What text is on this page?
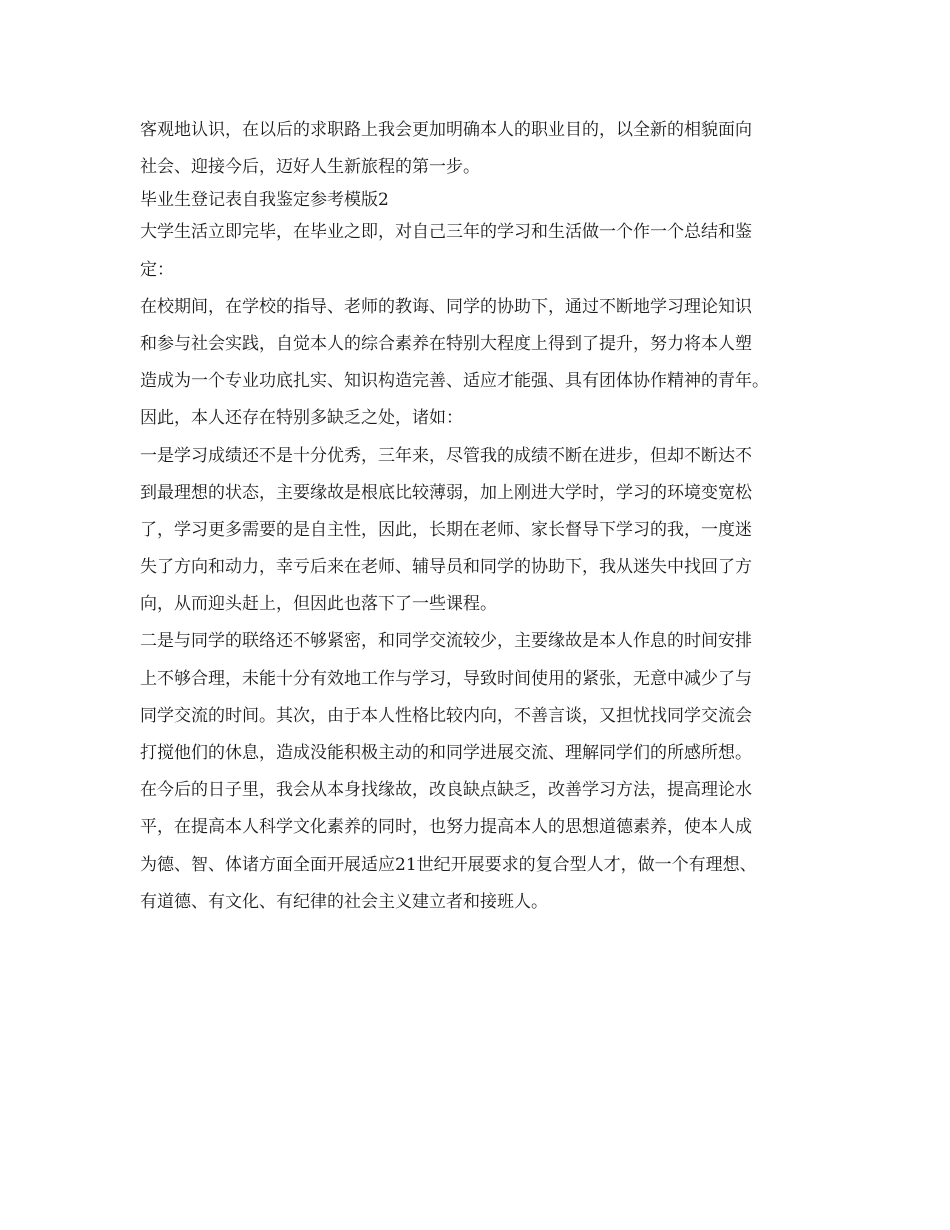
客观地认识，在以后的求职路上我会更加明确本人的职业目的，以全新的相貌面向
社会、迎接今后，迈好人生新旅程的第一步。
毕业生登记表自我鉴定参考模版2
大学生活立即完毕，在毕业之即，对自己三年的学习和生活做一个作一个总结和鉴
定：
在校期间，在学校的指导、老师的教诲、同学的协助下，通过不断地学习理论知识
和参与社会实践，自觉本人的综合素养在特别大程度上得到了提升，努力将本人塑
造成为一个专业功底扎实、知识构造完善、适应才能强、具有团体协作精神的青年。
因此，本人还存在特别多缺乏之处，诸如：
一是学习成绩还不是十分优秀，三年来，尽管我的成绩不断在进步，但却不断达不
到最理想的状态，主要缘故是根底比较薄弱，加上刚进大学时，学习的环境变宽松
了，学习更多需要的是自主性，因此，长期在老师、家长督导下学习的我，一度迷
失了方向和动力，幸亏后来在老师、辅导员和同学的协助下，我从迷失中找回了方
向，从而迎头赶上，但因此也落下了一些课程。
二是与同学的联络还不够紧密，和同学交流较少，主要缘故是本人作息的时间安排
上不够合理，未能十分有效地工作与学习，导致时间使用的紧张，无意中减少了与
同学交流的时间。其次，由于本人性格比较内向，不善言谈，又担忧找同学交流会
打搅他们的休息，造成没能积极主动的和同学进展交流、理解同学们的所感所想。
在今后的日子里，我会从本身找缘故，改良缺点缺乏，改善学习方法，提高理论水
平，在提高本人科学文化素养的同时，也努力提高本人的思想道德素养，使本人成
为德、智、体诸方面全面开展适应21世纪开展要求的复合型人才，做一个有理想、
有道德、有文化、有纪律的社会主义建立者和接班人。
